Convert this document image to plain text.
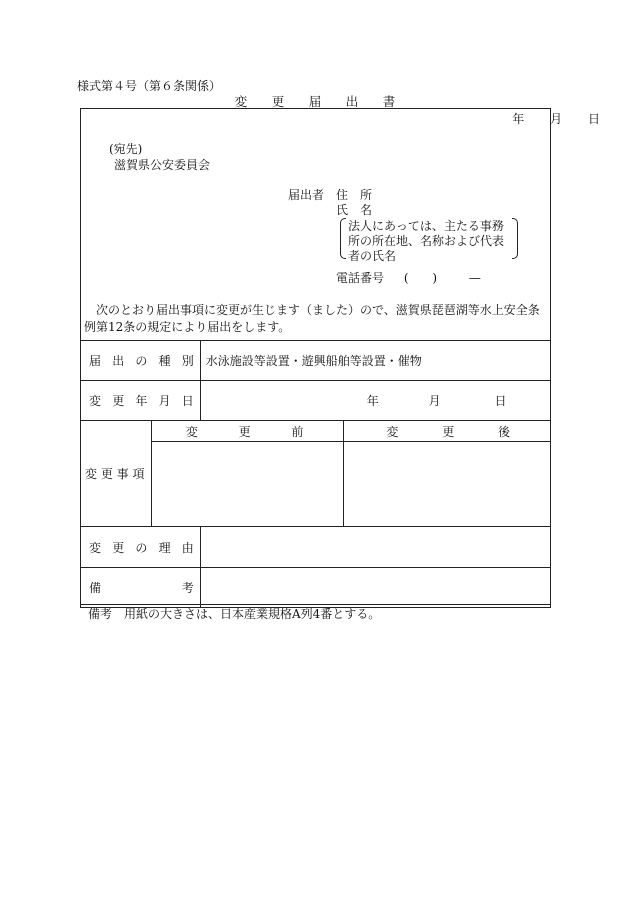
様式第４号（第６条関係）
変 更 届 出 書
年 月 日
(宛先)
滋賀県公安委員会
届出者 住　所
氏　名
法人にあっては、主たる事務
所の所在地、名称および代表
者の氏名
電話番号 ( )	—
次のとおり届出事項に変更が生じます（ました）ので、滋賀県琵琶湖等水上安全条例第12条の規定により届出をします。
届 出 の 種 別		水泳施設等設置・遊興船舶等設置・催物	

変 更 年 月 日		年 月 日	

変 更 事 項	変 更 前		変 更 後

変 更 の 理 由			

備 考			

備考　用紙の大きさは、日本産業規格A列4番とする。
